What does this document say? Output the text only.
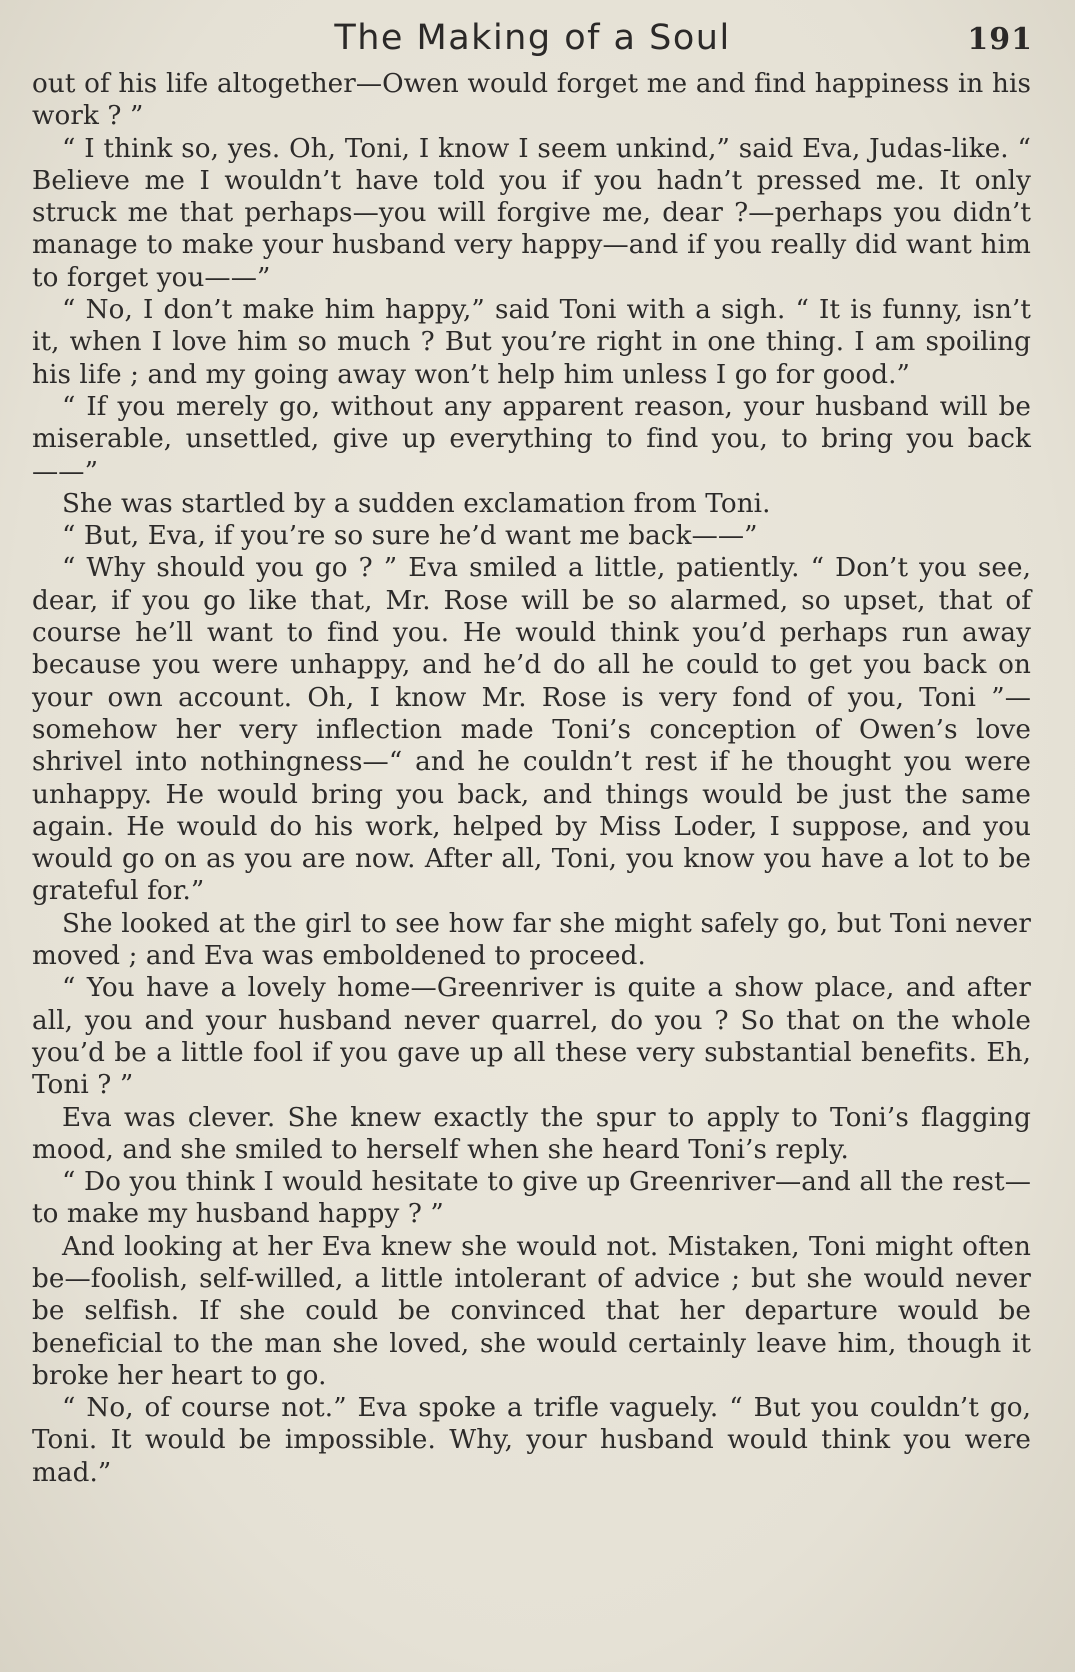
The Making of a Soul	191

out of his life altogether—Owen would forget me and find happiness in his work ? ”

“ I think so, yes. Oh, Toni, I know I seem unkind,” said Eva, Judas-like. “ Believe me I wouldn’t have told you if you hadn’t pressed me. It only struck me that perhaps—you will forgive me, dear ?—perhaps you didn’t manage to make your husband very happy—and if you really did want him to forget you——”

“ No, I don’t make him happy,” said Toni with a sigh. “ It is funny, isn’t it, when I love him so much ? But you’re right in one thing. I am spoiling his life ; and my going away won’t help him unless I go for good.”

“ If you merely go, without any apparent reason, your husband will be miserable, unsettled, give up everything to find you, to bring you back——”

She was startled by a sudden exclamation from Toni.

“ But, Eva, if you’re so sure he’d want me back——”

“ Why should you go ? ” Eva smiled a little, patiently. “ Don’t you see, dear, if you go like that, Mr. Rose will be so alarmed, so upset, that of course he’ll want to find you. He would think you’d perhaps run away because you were unhappy, and he’d do all he could to get you back on your own account. Oh, I know Mr. Rose is very fond of you, Toni ”—somehow her very inflection made Toni’s conception of Owen’s love shrivel into nothingness—“ and he couldn’t rest if he thought you were unhappy. He would bring you back, and things would be just the same again. He would do his work, helped by Miss Loder, I suppose, and you would go on as you are now. After all, Toni, you know you have a lot to be grateful for.”

She looked at the girl to see how far she might safely go, but Toni never moved ; and Eva was emboldened to proceed.

“ You have a lovely home—Greenriver is quite a show place, and after all, you and your husband never quarrel, do you ? So that on the whole you’d be a little fool if you gave up all these very substantial benefits. Eh, Toni ? ”

Eva was clever. She knew exactly the spur to apply to Toni’s flagging mood, and she smiled to herself when she heard Toni’s reply.

“ Do you think I would hesitate to give up Greenriver—and all the rest—to make my husband happy ? ”

And looking at her Eva knew she would not. Mistaken, Toni might often be—foolish, self-willed, a little intolerant of advice ; but she would never be selfish. If she could be convinced that her departure would be beneficial to the man she loved, she would certainly leave him, though it broke her heart to go.

“ No, of course not.” Eva spoke a trifle vaguely. “ But you couldn’t go, Toni. It would be impossible. Why, your husband would think you were mad.”
